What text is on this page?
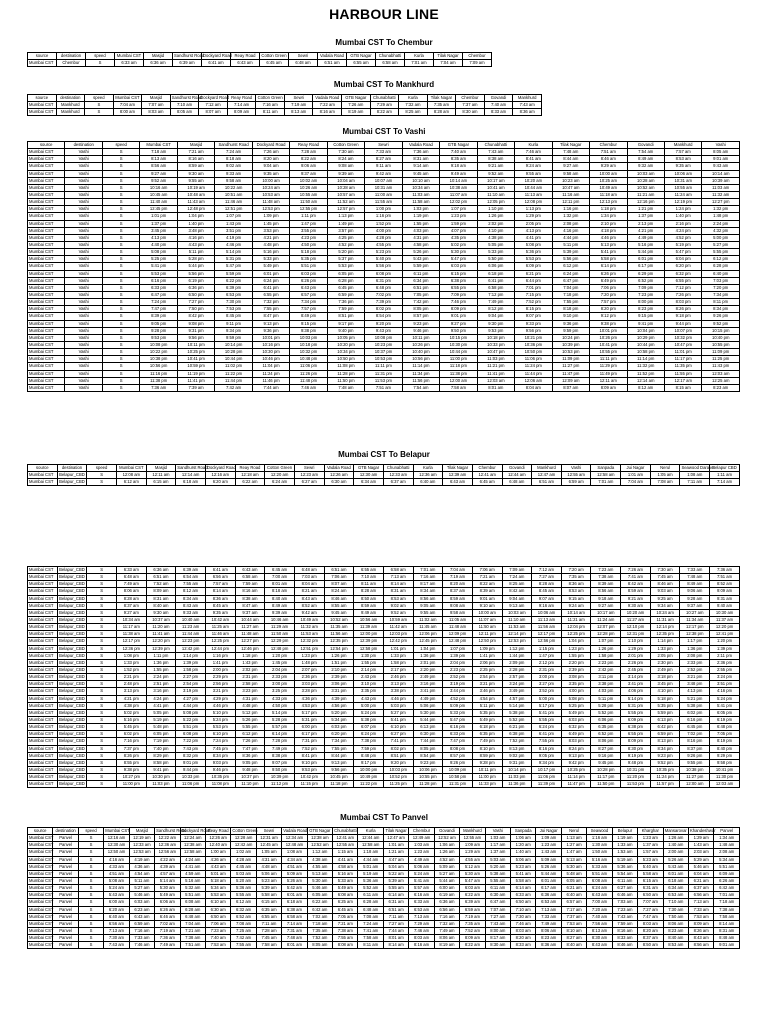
HARBOUR LINE
Mumbai CST To Chembur
source	destination	speed	Mumbai CST	Masjid	Sandhurst Road	Dockyard Road	Reay Road	Cotton Green	Sewri	Vadala Road	GTB Nagar	Chunabhatti	Kurla	Tilak Nagar	Chembur
Mumbai CST	Chembur	S	6:33 am	6:36 am	6:39 am	6:41 am	6:43 am	6:45 am	6:48 am	6:51 am	6:55 am	6:58 am	7:01 am	7:04 am	7:09 am
Mumbai CST To Mankhurd
source	destination	speed	Mumbai CST	Masjid	Sandhurst Road	Dockyard Road	Reay Road	Cotton Green	Sewri	Vadala Road	GTB Nagar	Chunabhatti	Kurla	Tilak Nagar	Chembur	Govandi	Mankhurd
Mumbai CST	Mankhurd	S	7:04 am	7:07 am	7:10 am	7:12 am	7:14 am	7:16 am	7:19 am	7:22 am	7:26 am	7:29 am	7:32 am	7:35 am	7:37 am	7:40 am	7:43 am
Mumbai CST	Mankhurd	S	8:00 am	8:03 am	8:05 am	8:07 am	8:09 am	8:11 am	8:13 am	8:16 am	8:19 am	8:22 am	8:25 am	8:28 am	8:30 am	8:33 am	8:36 am
Mumbai CST To Vashi
source	destination	speed	Mumbai CST	Masjid	Sandhurst Road	Dockyard Road	Reay Road	Cotton Green	Sewri	Vadala Road	GTB Nagar	Chunabhatti	Kurla	Tilak Nagar	Chembur	Govandi	Mankhurd	Vashi
Mumbai CST	Vashi	S	7:18 am	7:21 am	7:24 am	7:26 am	7:28 am	7:30 am	7:33 am	7:36 am	7:40 am	7:43 am	7:46 am	7:48 am	7:51 am	7:54 am	7:57 am	8:05 am
Mumbai CST	Vashi	S	8:13 am	8:16 am	8:18 am	8:20 am	8:22 am	8:24 am	8:27 am	8:31 am	8:35 am	8:38 am	8:41 am	8:44 am	8:46 am	8:49 am	8:53 am	9:01 am
Mumbai CST	Vashi	S	8:56 am	8:59 am	9:02 am	9:04 am	9:06 am	9:08 am	9:11 am	9:14 am	9:18 am	9:21 am	9:24 am	9:27 am	9:29 am	9:32 am	9:35 am	9:43 am
Mumbai CST	Vashi	S	9:27 am	9:30 am	9:33 am	9:35 am	9:37 am	9:39 am	9:42 am	9:45 am	9:49 am	9:52 am	9:55 am	9:58 am	10:00 am	10:03 am	10:06 am	10:14 am
Mumbai CST	Vashi	S	9:52 am	9:55 am	9:58 am	10:00 am	10:02 am	10:04 am	10:07 am	10:10 am	10:14 am	10:17 am	10:20 am	10:23 am	10:25 am	10:28 am	10:31 am	10:39 am
Mumbai CST	Vashi	S	10:16 am	10:19 am	10:22 am	10:24 am	10:26 am	10:28 am	10:31 am	10:34 am	10:38 am	10:41 am	10:44 am	10:47 am	10:49 am	10:52 am	10:55 am	11:03 am
Mumbai CST	Vashi	S	10:45 am	10:48 am	10:51 am	10:53 am	10:55 am	10:57 am	11:00 am	11:03 am	11:07 am	11:10 am	11:13 am	11:16 am	11:18 am	11:21 am	11:24 am	11:32 am
Mumbai CST	Vashi	S	11:40 am	11:43 am	11:46 am	11:48 am	11:50 am	11:52 am	11:55 am	11:58 am	12:02 pm	12:05 pm	12:08 pm	12:11 pm	12:13 pm	12:16 pm	12:19 pm	12:27 pm
Mumbai CST	Vashi	S	12:45 pm	12:48 pm	12:51 pm	12:53 pm	12:55 pm	12:57 pm	1:00 pm	1:03 pm	1:07 pm	1:10 pm	1:13 pm	1:16 pm	1:18 pm	1:21 pm	1:24 pm	1:32 pm
Mumbai CST	Vashi	S	1:01 pm	1:04 pm	1:07 pm	1:09 pm	1:11 pm	1:13 pm	1:16 pm	1:19 pm	1:23 pm	1:26 pm	1:29 pm	1:32 pm	1:34 pm	1:37 pm	1:40 pm	1:48 pm
Mumbai CST	Vashi	S	1:37 pm	1:40 pm	1:43 pm	1:45 pm	1:47 pm	1:49 pm	1:52 pm	1:55 pm	1:59 pm	2:02 pm	2:05 pm	2:08 pm	2:10 pm	2:13 pm	2:16 pm	2:24 pm
Mumbai CST	Vashi	S	3:45 pm	3:48 pm	3:51 pm	3:53 pm	3:55 pm	3:57 pm	4:00 pm	4:03 pm	4:07 pm	4:10 pm	4:13 pm	4:16 pm	4:18 pm	4:21 pm	4:24 pm	4:32 pm
Mumbai CST	Vashi	S	4:13 pm	4:16 pm	4:19 pm	4:21 pm	4:23 pm	4:25 pm	4:28 pm	4:31 pm	4:35 pm	4:38 pm	4:41 pm	4:44 pm	4:46 pm	4:49 pm	4:52 pm	5:00 pm
Mumbai CST	Vashi	S	4:40 pm	4:43 pm	4:46 pm	4:48 pm	4:50 pm	4:52 pm	4:55 pm	4:58 pm	5:02 pm	5:05 pm	5:08 pm	5:11 pm	5:13 pm	5:16 pm	5:19 pm	5:27 pm
Mumbai CST	Vashi	S	5:08 pm	5:11 pm	5:14 pm	5:16 pm	5:18 pm	5:20 pm	5:23 pm	5:26 pm	5:30 pm	5:33 pm	5:36 pm	5:39 pm	5:41 pm	5:44 pm	5:47 pm	5:55 pm
Mumbai CST	Vashi	S	5:25 pm	5:28 pm	5:31 pm	5:33 pm	5:35 pm	5:37 pm	5:40 pm	5:43 pm	5:47 pm	5:50 pm	5:53 pm	5:56 pm	5:58 pm	6:01 pm	6:04 pm	6:12 pm
Mumbai CST	Vashi	S	5:41 pm	5:44 pm	5:47 pm	5:49 pm	5:51 pm	5:53 pm	5:56 pm	5:59 pm	6:03 pm	6:06 pm	6:09 pm	6:12 pm	6:14 pm	6:17 pm	6:20 pm	6:28 pm
Mumbai CST	Vashi	S	5:53 pm	5:56 pm	5:59 pm	6:01 pm	6:03 pm	6:05 pm	6:08 pm	6:11 pm	6:15 pm	6:18 pm	6:21 pm	6:24 pm	6:26 pm	6:29 pm	6:32 pm	6:40 pm
Mumbai CST	Vashi	S	6:16 pm	6:19 pm	6:22 pm	6:24 pm	6:26 pm	6:28 pm	6:31 pm	6:34 pm	6:38 pm	6:41 pm	6:44 pm	6:47 pm	6:49 pm	6:52 pm	6:55 pm	7:03 pm
Mumbai CST	Vashi	S	6:33 pm	6:36 pm	6:39 pm	6:41 pm	6:43 pm	6:45 pm	6:48 pm	6:51 pm	6:55 pm	6:58 pm	7:01 pm	7:04 pm	7:06 pm	7:09 pm	7:12 pm	7:20 pm
Mumbai CST	Vashi	S	6:47 pm	6:50 pm	6:53 pm	6:55 pm	6:57 pm	6:59 pm	7:02 pm	7:05 pm	7:09 pm	7:12 pm	7:15 pm	7:18 pm	7:20 pm	7:23 pm	7:26 pm	7:34 pm
Mumbai CST	Vashi	S	7:24 pm	7:27 pm	7:30 pm	7:32 pm	7:34 pm	7:36 pm	7:39 pm	7:42 pm	7:46 pm	7:49 pm	7:52 pm	7:55 pm	7:57 pm	8:00 pm	8:03 pm	8:11 pm
Mumbai CST	Vashi	S	7:47 pm	7:50 pm	7:53 pm	7:55 pm	7:57 pm	7:59 pm	8:02 pm	8:05 pm	8:09 pm	8:12 pm	8:15 pm	8:18 pm	8:20 pm	8:23 pm	8:26 pm	8:34 pm
Mumbai CST	Vashi	S	8:39 pm	8:42 pm	8:45 pm	8:47 pm	8:49 pm	8:51 pm	8:54 pm	8:57 pm	9:01 pm	9:04 pm	9:07 pm	9:10 pm	9:12 pm	9:15 pm	9:18 pm	9:26 pm
Mumbai CST	Vashi	S	9:05 pm	9:08 pm	9:11 pm	9:13 pm	9:15 pm	9:17 pm	9:20 pm	9:23 pm	9:27 pm	9:30 pm	9:33 pm	9:36 pm	9:38 pm	9:41 pm	9:44 pm	9:52 pm
Mumbai CST	Vashi	S	9:28 pm	9:31 pm	9:34 pm	9:36 pm	9:38 pm	9:40 pm	9:43 pm	9:46 pm	9:50 pm	9:53 pm	9:56 pm	9:59 pm	10:01 pm	10:04 pm	10:07 pm	10:15 pm
Mumbai CST	Vashi	S	9:53 pm	9:56 pm	9:59 pm	10:01 pm	10:03 pm	10:05 pm	10:08 pm	10:11 pm	10:15 pm	10:18 pm	10:21 pm	10:24 pm	10:26 pm	10:29 pm	10:32 pm	10:40 pm
Mumbai CST	Vashi	S	10:08 pm	10:11 pm	10:14 pm	10:16 pm	10:18 pm	10:20 pm	10:23 pm	10:26 pm	10:30 pm	10:33 pm	10:36 pm	10:39 pm	10:41 pm	10:44 pm	10:47 pm	10:55 pm
Mumbai CST	Vashi	S	10:22 pm	10:25 pm	10:28 pm	10:30 pm	10:32 pm	10:34 pm	10:37 pm	10:40 pm	10:44 pm	10:47 pm	10:50 pm	10:53 pm	10:55 pm	10:58 pm	11:01 pm	11:09 pm
Mumbai CST	Vashi	S	10:38 pm	10:41 pm	10:44 pm	10:46 pm	10:48 pm	10:50 pm	10:53 pm	10:56 pm	11:00 pm	11:03 pm	11:06 pm	11:09 pm	11:11 pm	11:14 pm	11:17 pm	11:25 pm
Mumbai CST	Vashi	S	10:56 pm	10:59 pm	11:02 pm	11:04 pm	11:06 pm	11:08 pm	11:11 pm	11:14 pm	11:18 pm	11:21 pm	11:24 pm	11:27 pm	11:29 pm	11:32 pm	11:35 pm	11:43 pm
Mumbai CST	Vashi	S	11:16 pm	11:19 pm	11:22 pm	11:24 pm	11:26 pm	11:28 pm	11:31 pm	11:34 pm	11:38 pm	11:41 pm	11:44 pm	11:47 pm	11:49 pm	11:52 pm	11:55 pm	12:03 am
Mumbai CST	Vashi	S	11:38 pm	11:41 pm	11:44 pm	11:46 pm	11:48 pm	11:50 pm	11:53 pm	11:56 pm	12:00 am	12:03 am	12:06 am	12:09 am	12:11 am	12:14 am	12:17 am	12:25 am
Mumbai CST	Vashi	S	7:36 am	7:39 am	7:42 am	7:44 am	7:46 am	7:48 am	7:51 am	7:54 am	7:58 am	8:01 am	8:04 am	8:07 am	8:09 am	8:12 am	8:15 am	8:23 am
Mumbai CST To Belapur
source	destination	speed	Mumbai CST	Masjid	Sandhurst Road	Dockyard Road	Reay Road	Cotton Green	Sewri	Vadala Road	GTB Nagar	Chunabhatti	Kurla	Tilak Nagar	Chembur	Govandi	Mankhurd	Vashi	Sanpada	Jui Nagar	Nerul	Seawood Darave	Belapur CBD
Mumbai CST	Belapur_CBD	S	12:08 am	12:11 am	12:14 am	12:16 am	12:18 am	12:20 am	12:23 am	12:26 am	12:30 am	12:33 am	12:36 am	12:39 am	12:41 am	12:44 am	12:47 am	12:55 am	12:58 am	1:01 am	1:05 am	1:08 am	1:11 am
Mumbai CST	Belapur_CBD	S	6:12 am	6:15 am	6:18 am	6:20 am	6:22 am	6:24 am	6:27 am	6:30 am	6:34 am	6:37 am	6:40 am	6:43 am	6:45 am	6:48 am	6:51 am	6:59 am	7:01 am	7:04 am	7:08 am	7:11 am	7:14 am
Mumbai CST	Belapur_CBD	S	6:33 am	6:36 am	6:39 am	6:41 am	6:43 am	6:45 am	6:48 am	6:51 am	6:55 am	6:58 am	7:01 am	7:04 am	7:06 am	7:09 am	7:12 am	7:20 am	7:23 am	7:26 am	7:30 am	7:33 am	7:36 am
Mumbai CST	Belapur_CBD	S	6:48 am	6:51 am	6:54 am	6:56 am	6:58 am	7:00 am	7:03 am	7:06 am	7:10 am	7:13 am	7:16 am	7:19 am	7:21 am	7:24 am	7:27 am	7:35 am	7:38 am	7:41 am	7:45 am	7:48 am	7:51 am
Mumbai CST	Belapur_CBD	S	7:49 am	7:52 am	7:55 am	7:57 am	7:59 am	8:01 am	8:04 am	8:07 am	8:11 am	8:14 am	8:17 am	8:20 am	8:22 am	8:25 am	8:28 am	8:36 am	8:39 am	8:42 am	8:46 am	8:49 am	8:52 am
Mumbai CST	Belapur_CBD	S	8:06 am	8:09 am	8:12 am	8:14 am	8:16 am	8:18 am	8:21 am	8:24 am	8:28 am	8:31 am	8:34 am	8:37 am	8:39 am	8:42 am	8:45 am	8:53 am	8:56 am	8:59 am	9:03 am	9:06 am	9:09 am
Mumbai CST	Belapur_CBD	S	8:28 am	8:31 am	8:34 am	8:36 am	8:38 am	8:40 am	8:43 am	8:46 am	8:50 am	8:53 am	8:56 am	8:59 am	9:01 am	9:04 am	9:07 am	9:15 am	9:18 am	9:21 am	9:25 am	9:28 am	9:31 am
Mumbai CST	Belapur_CBD	S	8:37 am	8:40 am	8:43 am	8:45 am	8:47 am	8:49 am	8:52 am	8:55 am	8:59 am	9:02 am	9:05 am	9:08 am	9:10 am	9:13 am	9:16 am	9:24 am	9:27 am	9:30 am	9:34 am	9:37 am	9:40 am
Mumbai CST	Belapur_CBD	S	9:27 am	9:30 am	9:33 am	9:35 am	9:37 am	9:39 am	9:42 am	9:45 am	9:49 am	9:52 am	9:55 am	9:58 am	10:00 am	10:03 am	10:06 am	10:14 am	10:17 am	10:20 am	10:24 am	10:27 am	10:30 am
Mumbai CST	Belapur_CBD	S	10:34 am	10:37 am	10:40 am	10:42 am	10:44 am	10:46 am	10:49 am	10:52 am	10:56 am	10:59 am	11:02 am	11:05 am	11:07 am	11:10 am	11:13 am	11:21 am	11:24 am	11:27 am	11:31 am	11:34 am	11:37 am
Mumbai CST	Belapur_CBD	S	11:17 am	11:20 am	11:23 am	11:25 am	11:27 am	11:29 am	11:32 am	11:35 am	11:39 am	11:42 am	11:45 am	11:48 am	11:50 am	11:53 am	11:56 am	12:04 pm	12:07 pm	12:10 pm	12:14 pm	12:17 pm	12:20 pm
Mumbai CST	Belapur_CBD	S	11:38 am	11:41 am	11:44 am	11:46 am	11:48 am	11:50 am	11:53 am	11:56 am	12:00 pm	12:03 pm	12:06 pm	12:09 pm	12:11 pm	12:14 pm	12:17 pm	12:25 pm	12:28 pm	12:31 pm	12:35 pm	12:38 pm	12:41 pm
Mumbai CST	Belapur_CBD	S	12:17 pm	12:20 pm	12:23 pm	12:25 pm	12:27 pm	12:29 pm	12:32 pm	12:35 pm	12:39 pm	12:42 pm	12:45 pm	12:48 pm	12:50 pm	12:53 pm	12:56 pm	1:04 pm	1:07 pm	1:10 pm	1:14 pm	1:17 pm	1:20 pm
Mumbai CST	Belapur_CBD	S	12:36 pm	12:39 pm	12:42 pm	12:44 pm	12:46 pm	12:48 pm	12:51 pm	12:54 pm	12:58 pm	1:01 pm	1:04 pm	1:07 pm	1:09 pm	1:12 pm	1:15 pm	1:23 pm	1:26 pm	1:29 pm	1:33 pm	1:36 pm	1:39 pm
Mumbai CST	Belapur_CBD	S	1:08 pm	1:11 pm	1:14 pm	1:16 pm	1:18 pm	1:20 pm	1:23 pm	1:26 pm	1:30 pm	1:33 pm	1:36 pm	1:39 pm	1:41 pm	1:44 pm	1:47 pm	1:55 pm	1:58 pm	2:01 pm	2:05 pm	2:08 pm	2:11 pm
Mumbai CST	Belapur_CBD	S	1:33 pm	1:36 pm	1:39 pm	1:41 pm	1:43 pm	1:45 pm	1:48 pm	1:51 pm	1:55 pm	1:58 pm	2:01 pm	2:04 pm	2:06 pm	2:09 pm	2:12 pm	2:20 pm	2:23 pm	2:26 pm	2:30 pm	2:33 pm	2:36 pm
Mumbai CST	Belapur_CBD	S	1:52 pm	1:55 pm	1:58 pm	2:00 pm	2:02 pm	2:04 pm	2:07 pm	2:10 pm	2:14 pm	2:17 pm	2:20 pm	2:23 pm	2:25 pm	2:28 pm	2:31 pm	2:39 pm	2:42 pm	2:45 pm	2:49 pm	2:52 pm	2:55 pm
Mumbai CST	Belapur_CBD	S	2:21 pm	2:24 pm	2:27 pm	2:29 pm	2:31 pm	2:33 pm	2:36 pm	2:39 pm	2:43 pm	2:46 pm	2:49 pm	2:52 pm	2:54 pm	2:57 pm	3:00 pm	3:08 pm	3:11 pm	3:14 pm	3:18 pm	3:21 pm	3:24 pm
Mumbai CST	Belapur_CBD	S	2:48 pm	2:51 pm	2:54 pm	2:56 pm	2:58 pm	3:00 pm	3:03 pm	3:06 pm	3:10 pm	3:13 pm	3:16 pm	3:19 pm	3:21 pm	3:24 pm	3:27 pm	3:35 pm	3:38 pm	3:41 pm	3:45 pm	3:48 pm	3:51 pm
Mumbai CST	Belapur_CBD	S	3:13 pm	3:16 pm	3:19 pm	3:21 pm	3:23 pm	3:25 pm	3:28 pm	3:31 pm	3:35 pm	3:38 pm	3:41 pm	3:44 pm	3:46 pm	3:49 pm	3:52 pm	4:00 pm	4:03 pm	4:06 pm	4:10 pm	4:13 pm	4:16 pm
Mumbai CST	Belapur_CBD	S	4:21 pm	4:24 pm	4:27 pm	4:29 pm	4:31 pm	4:33 pm	4:36 pm	4:39 pm	4:43 pm	4:46 pm	4:49 pm	4:52 pm	4:54 pm	4:57 pm	5:00 pm	5:08 pm	5:11 pm	5:14 pm	5:18 pm	5:21 pm	5:24 pm
Mumbai CST	Belapur_CBD	S	4:38 pm	4:41 pm	4:44 pm	4:46 pm	4:48 pm	4:50 pm	4:53 pm	4:56 pm	5:00 pm	5:03 pm	5:06 pm	5:09 pm	5:11 pm	5:14 pm	5:17 pm	5:25 pm	5:28 pm	5:31 pm	5:35 pm	5:38 pm	5:41 pm
Mumbai CST	Belapur_CBD	S	5:02 pm	5:05 pm	5:08 pm	5:10 pm	5:12 pm	5:14 pm	5:17 pm	5:20 pm	5:24 pm	5:27 pm	5:30 pm	5:33 pm	5:35 pm	5:38 pm	5:41 pm	5:49 pm	5:52 pm	5:55 pm	5:59 pm	6:02 pm	6:05 pm
Mumbai CST	Belapur_CBD	S	5:16 pm	5:19 pm	5:22 pm	5:24 pm	5:26 pm	5:28 pm	5:31 pm	5:34 pm	5:38 pm	5:41 pm	5:44 pm	5:47 pm	5:49 pm	5:52 pm	5:55 pm	6:03 pm	6:06 pm	6:09 pm	6:13 pm	6:16 pm	6:19 pm
Mumbai CST	Belapur_CBD	S	5:45 pm	5:48 pm	5:51 pm	5:53 pm	5:55 pm	5:57 pm	6:00 pm	6:03 pm	6:07 pm	6:10 pm	6:13 pm	6:16 pm	6:18 pm	6:21 pm	6:24 pm	6:32 pm	6:35 pm	6:38 pm	6:42 pm	6:45 pm	6:48 pm
Mumbai CST	Belapur_CBD	S	6:02 pm	6:05 pm	6:08 pm	6:10 pm	6:12 pm	6:14 pm	6:17 pm	6:20 pm	6:24 pm	6:27 pm	6:30 pm	6:33 pm	6:35 pm	6:38 pm	6:41 pm	6:49 pm	6:52 pm	6:55 pm	6:59 pm	7:02 pm	7:05 pm
Mumbai CST	Belapur_CBD	S	7:16 pm	7:19 pm	7:22 pm	7:24 pm	7:26 pm	7:28 pm	7:31 pm	7:34 pm	7:38 pm	7:41 pm	7:44 pm	7:47 pm	7:49 pm	7:52 pm	7:55 pm	8:03 pm	8:06 pm	8:09 pm	8:13 pm	8:16 pm	8:19 pm
Mumbai CST	Belapur_CBD	S	7:37 pm	7:40 pm	7:43 pm	7:45 pm	7:47 pm	7:49 pm	7:52 pm	7:55 pm	7:59 pm	8:02 pm	8:05 pm	8:08 pm	8:10 pm	8:13 pm	8:16 pm	8:24 pm	8:27 pm	8:30 pm	8:34 pm	8:37 pm	8:40 pm
Mumbai CST	Belapur_CBD	S	8:26 pm	8:29 pm	8:32 pm	8:34 pm	8:36 pm	8:38 pm	8:41 pm	8:44 pm	8:48 pm	8:51 pm	8:54 pm	8:57 pm	8:59 pm	9:02 pm	9:05 pm	9:13 pm	9:16 pm	9:19 pm	9:23 pm	9:26 pm	9:29 pm
Mumbai CST	Belapur_CBD	S	8:55 pm	8:58 pm	9:01 pm	9:03 pm	9:05 pm	9:07 pm	9:10 pm	9:13 pm	9:17 pm	9:20 pm	9:23 pm	9:26 pm	9:28 pm	9:31 pm	9:34 pm	9:42 pm	9:45 pm	9:48 pm	9:52 pm	9:55 pm	9:58 pm
Mumbai CST	Belapur_CBD	S	9:38 pm	9:41 pm	9:44 pm	9:46 pm	9:48 pm	9:50 pm	9:53 pm	9:56 pm	10:00 pm	10:03 pm	10:06 pm	10:09 pm	10:11 pm	10:14 pm	10:17 pm	10:25 pm	10:28 pm	10:31 pm	10:35 pm	10:38 pm	10:41 pm
Mumbai CST	Belapur_CBD	S	10:27 pm	10:30 pm	10:33 pm	10:35 pm	10:37 pm	10:39 pm	10:42 pm	10:45 pm	10:49 pm	10:52 pm	10:55 pm	10:58 pm	11:00 pm	11:03 pm	11:06 pm	11:14 pm	11:17 pm	11:20 pm	11:24 pm	11:27 pm	11:30 pm
Mumbai CST	Belapur_CBD	S	11:00 pm	11:03 pm	11:06 pm	11:08 pm	11:10 pm	11:12 pm	11:15 pm	11:18 pm	11:22 pm	11:25 pm	11:28 pm	11:31 pm	11:33 pm	11:36 pm	11:39 pm	11:47 pm	11:50 pm	11:53 pm	11:57 pm	12:00 am	12:03 am
Mumbai CST To Panvel
source	destination	speed	Mumbai CST	Masjid	Sandhurst Road	Dockyard Road	Reay Road	Cotton Green	Sewri	Vadala Road	GTB Nagar	Chunabhatti	Kurla	Tilak Nagar	Chembur	Govandi	Mankhurd	Vashi	Sanpada	Jui Nagar	Nerul	Seawood	Belapur	Kharghar	Mansarovar	Khandeshwar	Panvel
Mumbai CST	Panvel	S	12:16 am	12:19 am	12:22 am	12:24 am	12:26 am	12:28 am	12:31 am	12:34 am	12:38 am	12:41 am	12:44 am	12:47 am	12:49 am	12:52 am	12:55 am	1:03 am	1:06 am	1:09 am	1:13 am	1:16 am	1:19 am	1:23 am	1:26 am	1:29 am	1:34 am
Mumbai CST	Panvel	S	12:30 am	12:33 am	12:36 am	12:38 am	12:40 am	12:42 am	12:45 am	12:48 am	12:52 am	12:55 am	12:58 am	1:01 am	1:03 am	1:06 am	1:09 am	1:17 am	1:20 am	1:23 am	1:27 am	1:30 am	1:33 am	1:37 am	1:40 am	1:43 am	1:48 am
Mumbai CST	Panvel	S	12:50 am	12:53 am	12:56 am	12:58 am	1:00 am	1:02 am	1:05 am	1:08 am	1:12 am	1:15 am	1:18 am	1:21 am	1:23 am	1:26 am	1:29 am	1:37 am	1:40 am	1:43 am	1:47 am	1:50 am	1:53 am	1:57 am	2:00 am	2:03 am	2:08 am
Mumbai CST	Panvel	S	4:16 am	4:19 am	4:22 am	4:24 am	4:26 am	4:28 am	4:31 am	4:34 am	4:38 am	4:41 am	4:44 am	4:47 am	4:49 am	4:52 am	4:55 am	5:03 am	5:06 am	5:09 am	5:13 am	5:16 am	5:19 am	5:23 am	5:26 am	5:29 am	5:34 am
Mumbai CST	Panvel	S	4:33 am	4:36 am	4:39 am	4:41 am	4:43 am	4:45 am	4:48 am	4:51 am	4:55 am	4:58 am	5:01 am	5:04 am	5:06 am	5:09 am	5:12 am	5:20 am	5:23 am	5:26 am	5:30 am	5:33 am	5:36 am	5:40 am	5:43 am	5:46 am	5:51 am
Mumbai CST	Panvel	S	4:51 am	4:54 am	4:57 am	4:59 am	5:01 am	5:03 am	5:06 am	5:09 am	5:13 am	5:16 am	5:19 am	5:22 am	5:24 am	5:27 am	5:30 am	5:38 am	5:41 am	5:44 am	5:48 am	5:51 am	5:54 am	5:58 am	6:01 am	6:04 am	6:09 am
Mumbai CST	Panvel	S	5:08 am	5:11 am	5:14 am	5:16 am	5:18 am	5:20 am	5:23 am	5:26 am	5:30 am	5:33 am	5:36 am	5:39 am	5:41 am	5:44 am	5:47 am	5:55 am	5:58 am	6:01 am	6:05 am	6:08 am	6:11 am	6:15 am	6:18 am	6:21 am	6:26 am
Mumbai CST	Panvel	S	5:24 am	5:27 am	5:30 am	5:32 am	5:34 am	5:36 am	5:39 am	5:42 am	5:46 am	5:49 am	5:52 am	5:55 am	5:57 am	6:00 am	6:03 am	6:11 am	6:14 am	6:17 am	6:21 am	6:24 am	6:27 am	6:31 am	6:34 am	6:37 am	6:42 am
Mumbai CST	Panvel	S	5:43 am	5:46 am	5:49 am	5:51 am	5:53 am	5:55 am	5:58 am	6:01 am	6:05 am	6:08 am	6:11 am	6:14 am	6:16 am	6:19 am	6:22 am	6:30 am	6:33 am	6:36 am	6:40 am	6:43 am	6:46 am	6:50 am	6:53 am	6:56 am	7:01 am
Mumbai CST	Panvel	S	6:00 am	6:03 am	6:06 am	6:08 am	6:10 am	6:12 am	6:15 am	6:18 am	6:22 am	6:25 am	6:28 am	6:31 am	6:33 am	6:36 am	6:39 am	6:47 am	6:50 am	6:53 am	6:57 am	7:00 am	7:03 am	7:07 am	7:10 am	7:13 am	7:18 am
Mumbai CST	Panvel	S	6:20 am	6:23 am	6:26 am	6:28 am	6:30 am	6:32 am	6:35 am	6:38 am	6:42 am	6:45 am	6:48 am	6:51 am	6:53 am	6:56 am	6:59 am	7:07 am	7:10 am	7:13 am	7:17 am	7:20 am	7:23 am	7:27 am	7:30 am	7:33 am	7:38 am
Mumbai CST	Panvel	S	6:40 am	6:43 am	6:46 am	6:48 am	6:50 am	6:52 am	6:55 am	6:58 am	7:02 am	7:05 am	7:08 am	7:11 am	7:13 am	7:16 am	7:19 am	7:27 am	7:30 am	7:33 am	7:37 am	7:40 am	7:43 am	7:47 am	7:50 am	7:53 am	7:58 am
Mumbai CST	Panvel	S	6:56 am	6:59 am	7:02 am	7:04 am	7:06 am	7:08 am	7:11 am	7:14 am	7:18 am	7:21 am	7:24 am	7:27 am	7:29 am	7:32 am	7:35 am	7:43 am	7:46 am	7:49 am	7:53 am	7:56 am	7:59 am	8:03 am	8:06 am	8:09 am	8:14 am
Mumbai CST	Panvel	S	7:13 am	7:16 am	7:19 am	7:21 am	7:23 am	7:25 am	7:28 am	7:31 am	7:35 am	7:38 am	7:41 am	7:44 am	7:46 am	7:49 am	7:52 am	8:00 am	8:03 am	8:06 am	8:10 am	8:13 am	8:16 am	8:20 am	8:23 am	8:26 am	8:31 am
Mumbai CST	Panvel	S	7:30 am	7:33 am	7:36 am	7:38 am	7:40 am	7:42 am	7:45 am	7:48 am	7:52 am	7:55 am	7:58 am	8:01 am	8:03 am	8:06 am	8:09 am	8:17 am	8:20 am	8:23 am	8:27 am	8:30 am	8:33 am	8:37 am	8:40 am	8:43 am	8:48 am
Mumbai CST	Panvel	S	7:43 am	7:46 am	7:49 am	7:51 am	7:53 am	7:55 am	7:58 am	8:01 am	8:05 am	8:08 am	8:11 am	8:14 am	8:16 am	8:19 am	8:22 am	8:30 am	8:33 am	8:36 am	8:40 am	8:43 am	8:46 am	8:50 am	8:53 am	8:56 am	9:01 am
